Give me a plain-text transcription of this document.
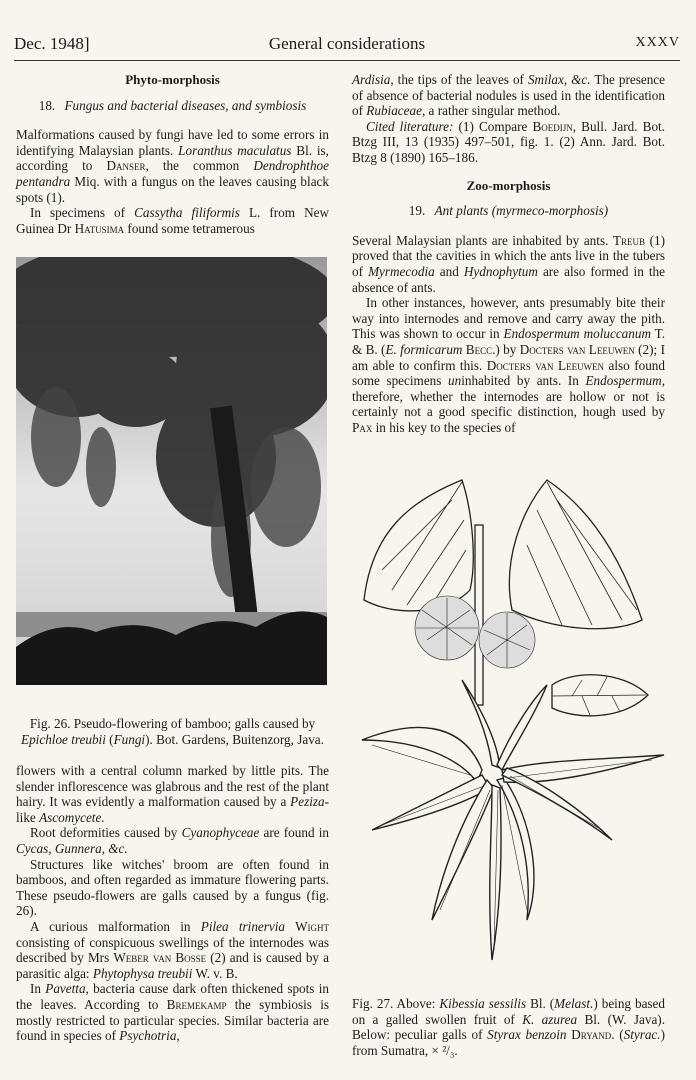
Dec. 1948]	General considerations	XXXV

Phyto-morphosis

18. Fungus and bacterial diseases, and symbiosis

Malformations caused by fungi have led to some errors in identifying Malaysian plants. Loranthus maculatus Bl. is, according to Danser, the common Dendrophthoe pentandra Miq. with a fungus on the leaves causing black spots (1).

In specimens of Cassytha filiformis L. from New Guinea Dr Hatusima found some tetramerous

Fig. 26. Pseudo-flowering of bamboo; galls caused by Epichloe treubii (Fungi). Bot. Gardens, Buitenzorg, Java.

flowers with a central column marked by little pits. The slender inflorescence was glabrous and the rest of the plant hairy. It was evidently a malformation caused by a Peziza-like Ascomycete.

Root deformities caused by Cyanophyceae are found in Cycas, Gunnera, &c.

Structures like witches' broom are often found in bamboos, and often regarded as immature flowering parts. These pseudo-flowers are galls caused by a fungus (fig. 26).

A curious malformation in Pilea trinervia Wight consisting of conspicuous swellings of the internodes was described by Mrs Weber van Bosse (2) and is caused by a parasitic alga: Phytophysa treubii W. v. B.

In Pavetta, bacteria cause dark often thickened spots in the leaves. According to Bremekamp the symbiosis is mostly restricted to particular species. Similar bacteria are found in species of Psychotria,

Ardisia, the tips of the leaves of Smilax, &c. The presence of absence of bacterial nodules is used in the identification of Rubiaceae, a rather singular method.

Cited literature: (1) Compare Boedijn, Bull. Jard. Bot. Btzg III, 13 (1935) 497–501, fig. 1. (2) Ann. Jard. Bot. Btzg 8 (1890) 165–186.

Zoo-morphosis

19. Ant plants (myrmeco-morphosis)

Several Malaysian plants are inhabited by ants. Treub (1) proved that the cavities in which the ants live in the tubers of Myrmecodia and Hydnophytum are also formed in the absence of ants.

In other instances, however, ants presumably bite their way into internodes and remove and carry away the pith. This was shown to occur in Endospermum moluccanum T. & B. (E. formicarum Becc.) by Docters van Leeuwen (2); I am able to confirm this. Docters van Leeuwen also found some specimens uninhabited by ants. In Endospermum, therefore, whether the internodes are hollow or not is certainly not a good specific distinction, hough used by Pax in his key to the species of

Fig. 27. Above: Kibessia sessilis Bl. (Melast.) being based on a galled swollen fruit of K. azurea Bl. (W. Java). Below: peculiar galls of Styrax benzoin Dryand. (Styrac.) from Sumatra, × ²/₃.
